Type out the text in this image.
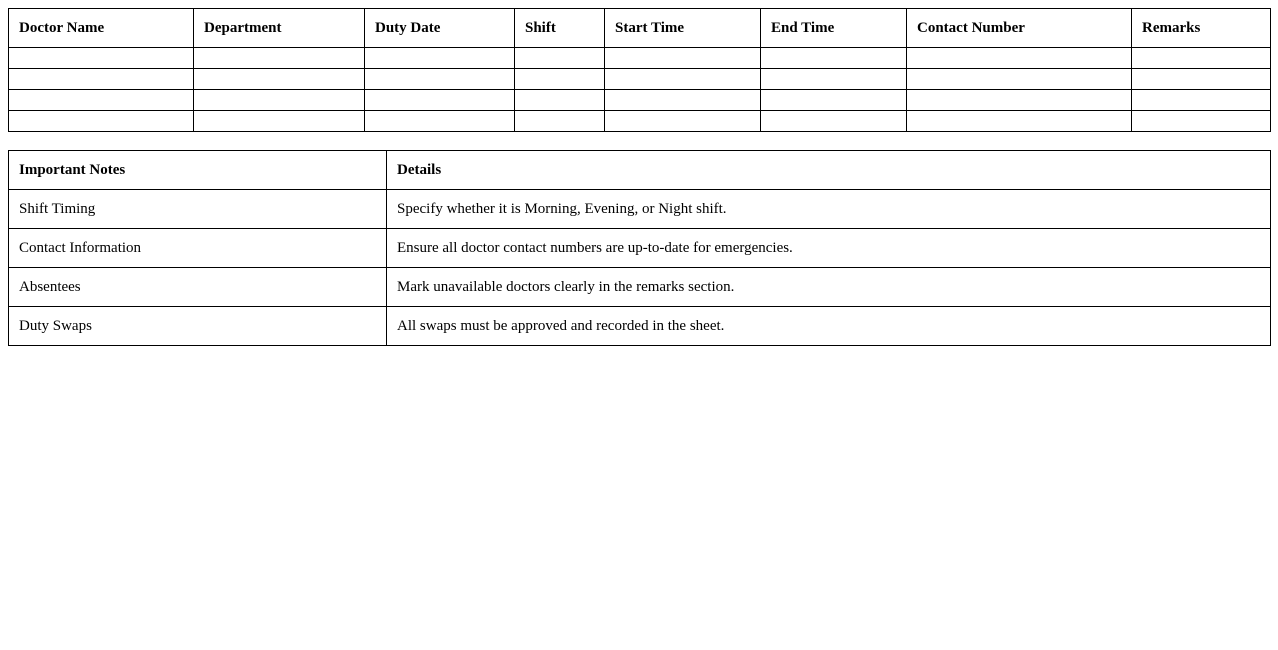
Doctor Name	Department	Duty Date	Shift	Start Time	End Time	Contact Number	Remarks

Important Notes	Details
Shift Timing	Specify whether it is Morning, Evening, or Night shift.
Contact Information	Ensure all doctor contact numbers are up-to-date for emergencies.
Absentees	Mark unavailable doctors clearly in the remarks section.
Duty Swaps	All swaps must be approved and recorded in the sheet.
